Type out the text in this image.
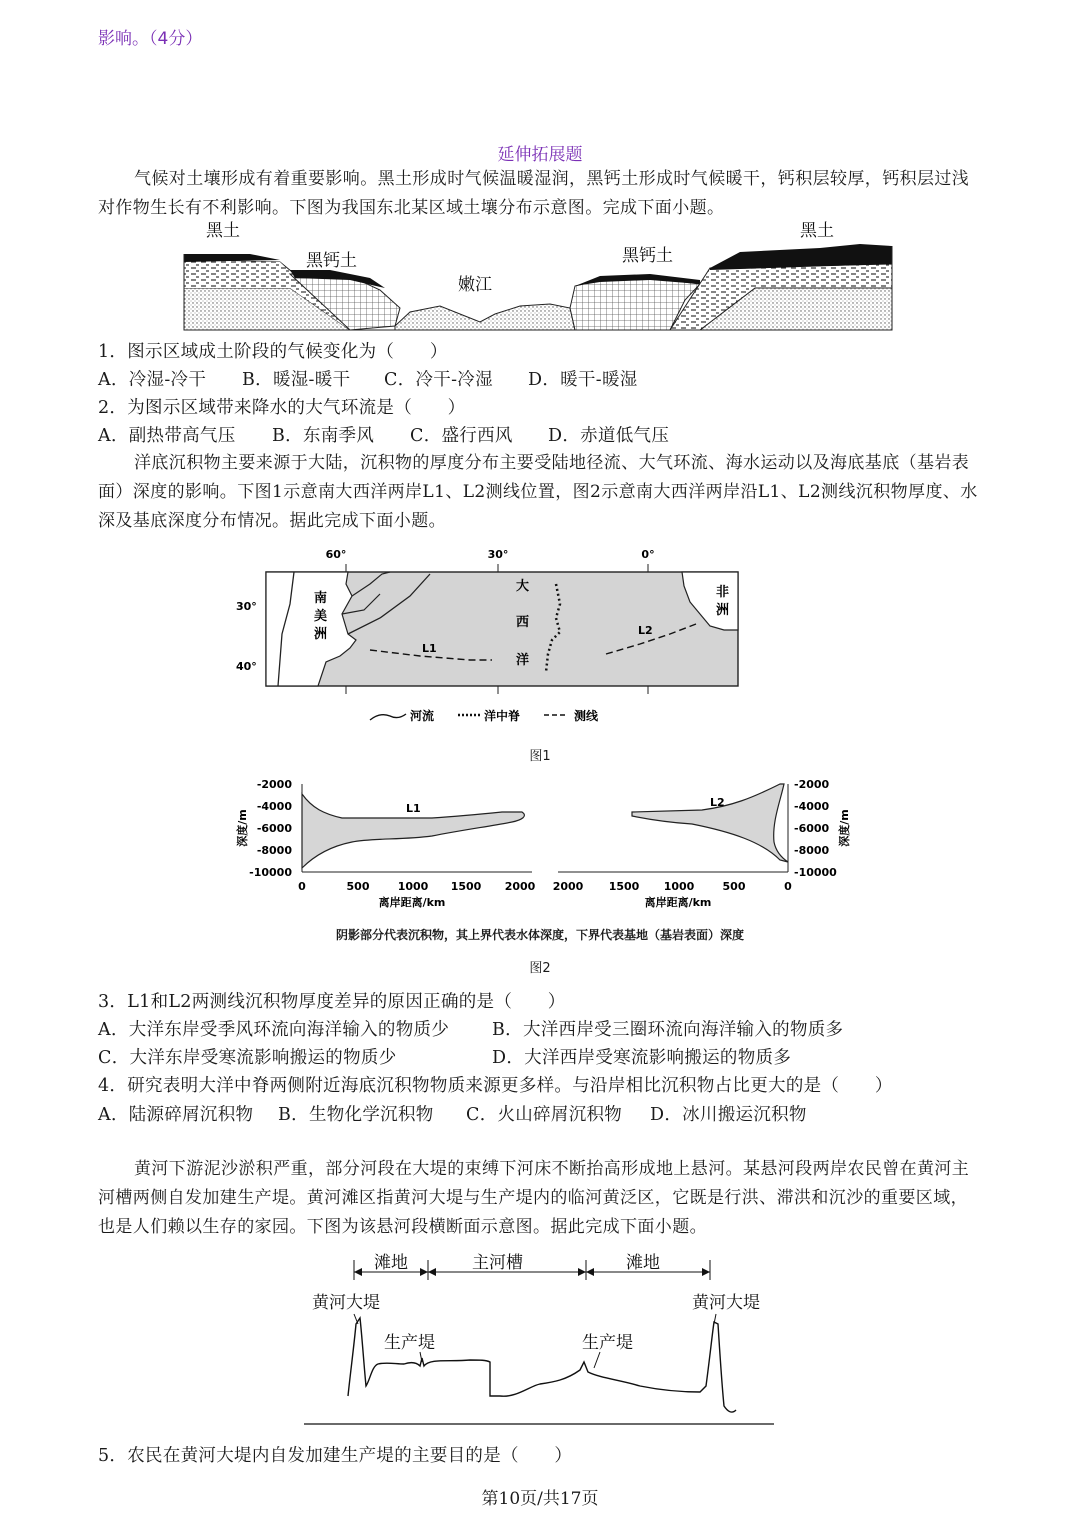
影响。（4分）
延伸拓展题
气候对土壤形成有着重要影响。黑土形成时气候温暖湿润，黑钙土形成时气候暖干，钙积层较厚，钙积层过浅对作物生长有不利影响。下图为我国东北某区域土壤分布示意图。完成下面小题。
黑土	黑土
黑钙土	黑钙土
嫩江
1．图示区域成土阶段的气候变化为（　　）
A．冷湿-冷干 B．暖湿-暖干 C．冷干-冷湿 D．暖干-暖湿
2．为图示区域带来降水的大气环流是（　　）
A．副热带高气压 B．东南季风 C．盛行西风 D．赤道低气压
洋底沉积物主要来源于大陆，沉积物的厚度分布主要受陆地径流、大气环流、海水运动以及海底基底（基岩表面）深度的影响。下图1示意南大西洋两岸L1、L2测线位置，图2示意南大西洋两岸沿L1、L2测线沉积物厚度、水深及基底深度分布情况。据此完成下面小题。
60°	30°	0°
30°
40°
L1
L2
南
美
洲
非
洲
大
西
洋
河流	洋中脊	测线
图1
-2000
-4000
-6000
-8000
-10000
深度/m
0	500	1000 1500 2000
离岸距离/km
L1
-2000
-4000
-6000
-8000
-10000
深度/m
2000 1500 1000	500	0
离岸距离/km
L2
阴影部分代表沉积物，其上界代表水体深度，下界代表基地（基岩表面）深度
图2
3．L1和L2两测线沉积物厚度差异的原因正确的是（　　）
A．大洋东岸受季风环流向海洋输入的物质少 B．大洋西岸受三圈环流向海洋输入的物质多
C．大洋东岸受寒流影响搬运的物质少	D．大洋西岸受寒流影响搬运的物质多
4．研究表明大洋中脊两侧附近海底沉积物物质来源更多样。与沿岸相比沉积物占比更大的是（　　）
A．陆源碎屑沉积物 B．生物化学沉积物 C．火山碎屑沉积物 D．冰川搬运沉积物
黄河下游泥沙淤积严重，部分河段在大堤的束缚下河床不断抬高形成地上悬河。某悬河段两岸农民曾在黄河主河槽两侧自发加建生产堤。黄河滩区指黄河大堤与生产堤内的临河黄泛区，它既是行洪、滞洪和沉沙的重要区域，也是人们赖以生存的家园。下图为该悬河段横断面示意图。据此完成下面小题。
滩地	主河槽	滩地
黄河大堤	黄河大堤
生产堤	生产堤
5．农民在黄河大堤内自发加建生产堤的主要目的是（　　）
第10页/共17页
